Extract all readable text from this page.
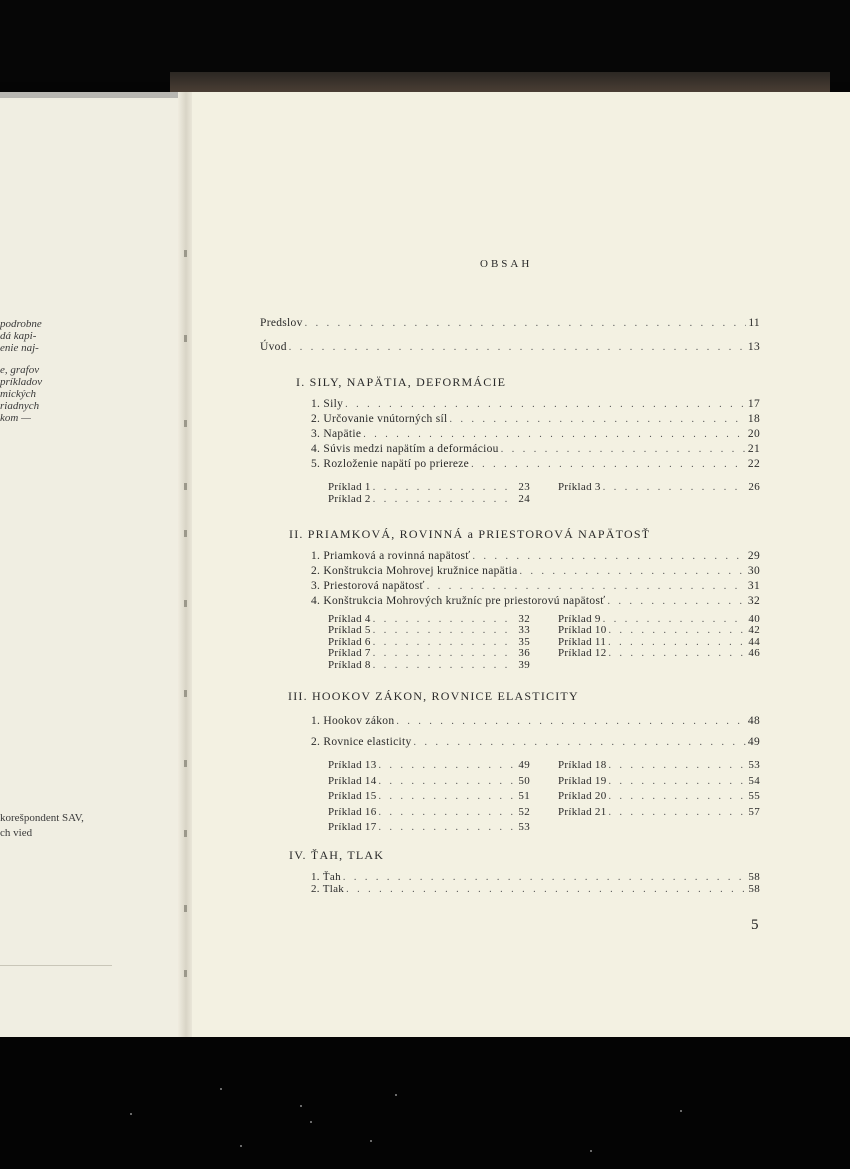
podrobne
dá kapi-
enie naj-
e, grafov
príkladov
mických
riadnych
kom —
korešpondent SAV,
ch vied
OBSAH
Predslov . . .	11
Úvod . . .	13
I. SILY, NAPÄTIA, DEFORMÁCIE
1. Sily . . .	17
2. Určovanie vnútorných síl . . .	18
3. Napätie . . .	20
4. Súvis medzi napätím a deformáciou . . .	21
5. Rozloženie napätí po priereze . . .	22
Príklad 1 . . .	23
Príklad 2 . . .	24
Príklad 3 . . .	26
II. PRIAMKOVÁ, ROVINNÁ a PRIESTOROVÁ NAPÄTOSŤ
1. Priamková a rovinná napätosť . . .	29
2. Konštrukcia Mohrovej kružnice napätia . . .	30
3. Priestorová napätosť . . .	31
4. Konštrukcia Mohrových kružníc pre priestorovú napätosť . . .	32
Príklad 4 . . .	32
Príklad 5 . . .	33
Príklad 6 . . .	35
Príklad 7 . . .	36
Príklad 8 . . .	39
Príklad 9 . . .	40
Príklad 10 . . .	42
Príklad 11 . . .	44
Príklad 12 . . .	46
III. HOOKOV ZÁKON, ROVNICE ELASTICITY
1. Hookov zákon . . .	48
2. Rovnice elasticity . . .	49
Príklad 13 . . .	49
Príklad 14 . . .	50
Príklad 15 . . .	51
Príklad 16 . . .	52
Príklad 17 . . .	53
Príklad 18 . . .	53
Príklad 19 . . .	54
Príklad 20 . . .	55
Príklad 21 . . .	57
IV. ŤAH, TLAK
1. Ťah . . .	58
2. Tlak . . .	58
5
